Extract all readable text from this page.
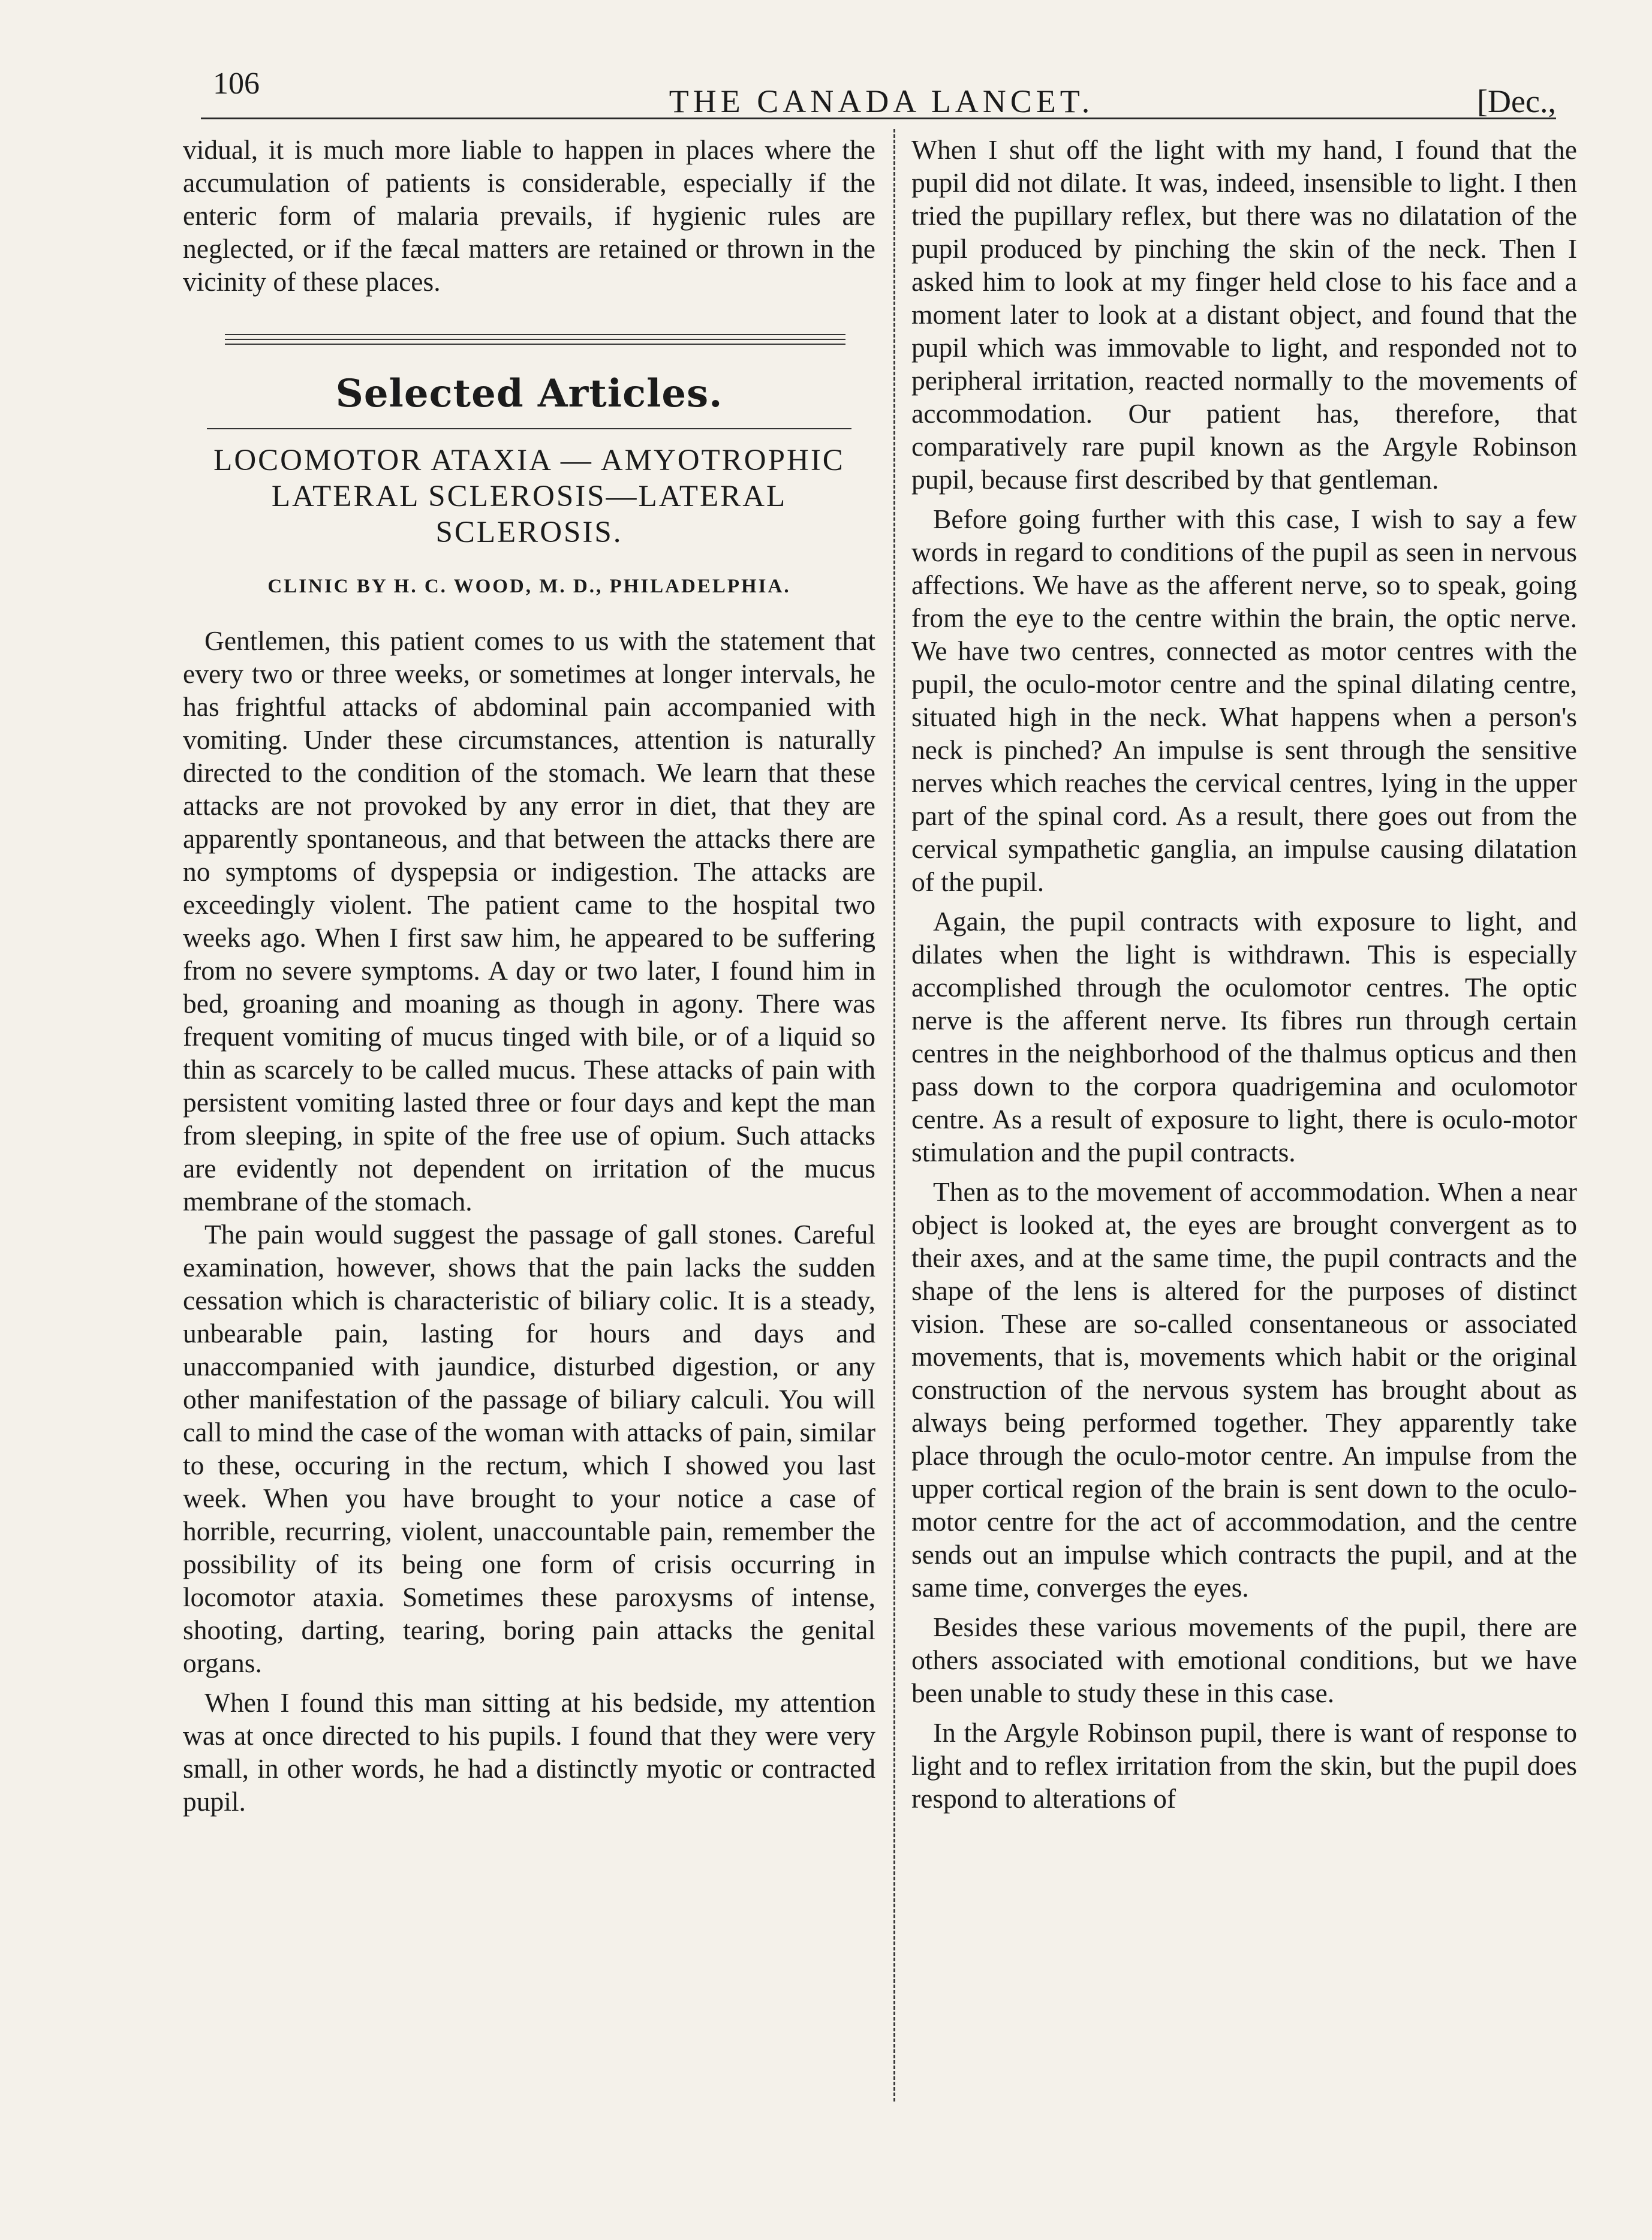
106	THE CANADA LANCET.	[Dec.,

vidual, it is much more liable to happen in places where the accumulation of patients is considerable, especially if the enteric form of malaria prevails, if hygienic rules are neglected, or if the fæcal matters are retained or thrown in the vicinity of these places.

Selected Articles.
LOCOMOTOR ATAXIA — AMYOTROPHIC LATERAL SCLEROSIS—LATERAL SCLEROSIS.
CLINIC BY H. C. WOOD, M. D., PHILADELPHIA.

Gentlemen, this patient comes to us with the statement that every two or three weeks, or sometimes at longer intervals, he has frightful attacks of abdominal pain accompanied with vomiting. Under these circumstances, attention is naturally directed to the condition of the stomach. We learn that these attacks are not provoked by any error in diet, that they are apparently spontaneous, and that between the attacks there are no symptoms of dyspepsia or indigestion. The attacks are exceedingly violent. The patient came to the hospital two weeks ago. When I first saw him, he appeared to be suffering from no severe symptoms. A day or two later, I found him in bed, groaning and moaning as though in agony. There was frequent vomiting of mucus tinged with bile, or of a liquid so thin as scarcely to be called mucus. These attacks of pain with persistent vomiting lasted three or four days and kept the man from sleeping, in spite of the free use of opium. Such attacks are evidently not dependent on irritation of the mucus membrane of the stomach.

The pain would suggest the passage of gall stones. Careful examination, however, shows that the pain lacks the sudden cessation which is characteristic of biliary colic. It is a steady, unbearable pain, lasting for hours and days and unaccompanied with jaundice, disturbed digestion, or any other manifestation of the passage of biliary calculi. You will call to mind the case of the woman with attacks of pain, similar to these, occuring in the rectum, which I showed you last week. When you have brought to your notice a case of horrible, recurring, violent, unaccountable pain, remember the possibility of its being one form of crisis occurring in locomotor ataxia. Sometimes these paroxysms of intense, shooting, darting, tearing, boring pain attacks the genital organs.

When I found this man sitting at his bedside, my attention was at once directed to his pupils. I found that they were very small, in other words, he had a distinctly myotic or contracted pupil.

When I shut off the light with my hand, I found that the pupil did not dilate. It was, indeed, insensible to light. I then tried the pupillary reflex, but there was no dilatation of the pupil produced by pinching the skin of the neck. Then I asked him to look at my finger held close to his face and a moment later to look at a distant object, and found that the pupil which was immovable to light, and responded not to peripheral irritation, reacted normally to the movements of accommodation. Our patient has, therefore, that comparatively rare pupil known as the Argyle Robinson pupil, because first described by that gentleman.

Before going further with this case, I wish to say a few words in regard to conditions of the pupil as seen in nervous affections. We have as the afferent nerve, so to speak, going from the eye to the centre within the brain, the optic nerve. We have two centres, connected as motor centres with the pupil, the oculo-motor centre and the spinal dilating centre, situated high in the neck. What happens when a person's neck is pinched? An impulse is sent through the sensitive nerves which reaches the cervical centres, lying in the upper part of the spinal cord. As a result, there goes out from the cervical sympathetic ganglia, an impulse causing dilatation of the pupil.

Again, the pupil contracts with exposure to light, and dilates when the light is withdrawn. This is especially accomplished through the oculomotor centres. The optic nerve is the afferent nerve. Its fibres run through certain centres in the neighborhood of the thalmus opticus and then pass down to the corpora quadrigemina and oculomotor centre. As a result of exposure to light, there is oculo-motor stimulation and the pupil contracts.

Then as to the movement of accommodation. When a near object is looked at, the eyes are brought convergent as to their axes, and at the same time, the pupil contracts and the shape of the lens is altered for the purposes of distinct vision. These are so-called consentaneous or associated movements, that is, movements which habit or the original construction of the nervous system has brought about as always being performed together. They apparently take place through the oculo-motor centre. An impulse from the upper cortical region of the brain is sent down to the oculo-motor centre for the act of accommodation, and the centre sends out an impulse which contracts the pupil, and at the same time, converges the eyes.

Besides these various movements of the pupil, there are others associated with emotional conditions, but we have been unable to study these in this case.

In the Argyle Robinson pupil, there is want of response to light and to reflex irritation from the skin, but the pupil does respond to alterations of
